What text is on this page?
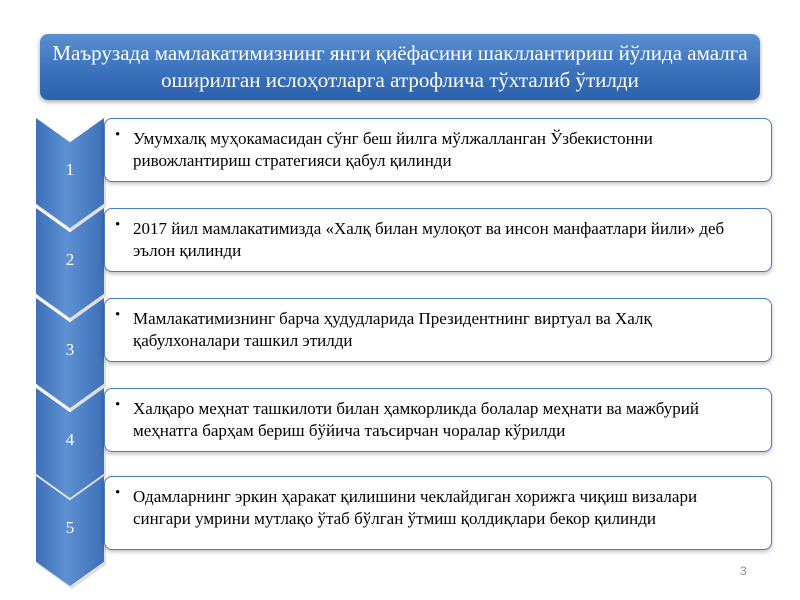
Маърузада мамлакатимизнинг янги қиёфасини шакллантириш йўлида амалга оширилган ислоҳотларга атрофлича тўхталиб ўтилди
1
• Умумхалқ муҳокамасидан сўнг беш йилга мўлжалланган Ўзбекистонни ривожлантириш стратегияси қабул қилинди
2
• 2017 йил мамлакатимизда «Халқ билан мулоқот ва инсон манфаатлари йили» деб эълон қилинди
3
• Мамлакатимизнинг барча ҳудудларида Президентнинг виртуал ва Халқ қабулхоналари ташкил этилди
4
• Халқаро меҳнат ташкилоти билан ҳамкорликда болалар меҳнати ва мажбурий меҳнатга барҳам бериш бўйича таъсирчан чоралар кўрилди
5
• Одамларнинг эркин ҳаракат қилишини чеклайдиган хорижга чиқиш визалари сингари умрини мутлақо ўтаб бўлган ўтмиш қолдиқлари бекор қилинди
3
